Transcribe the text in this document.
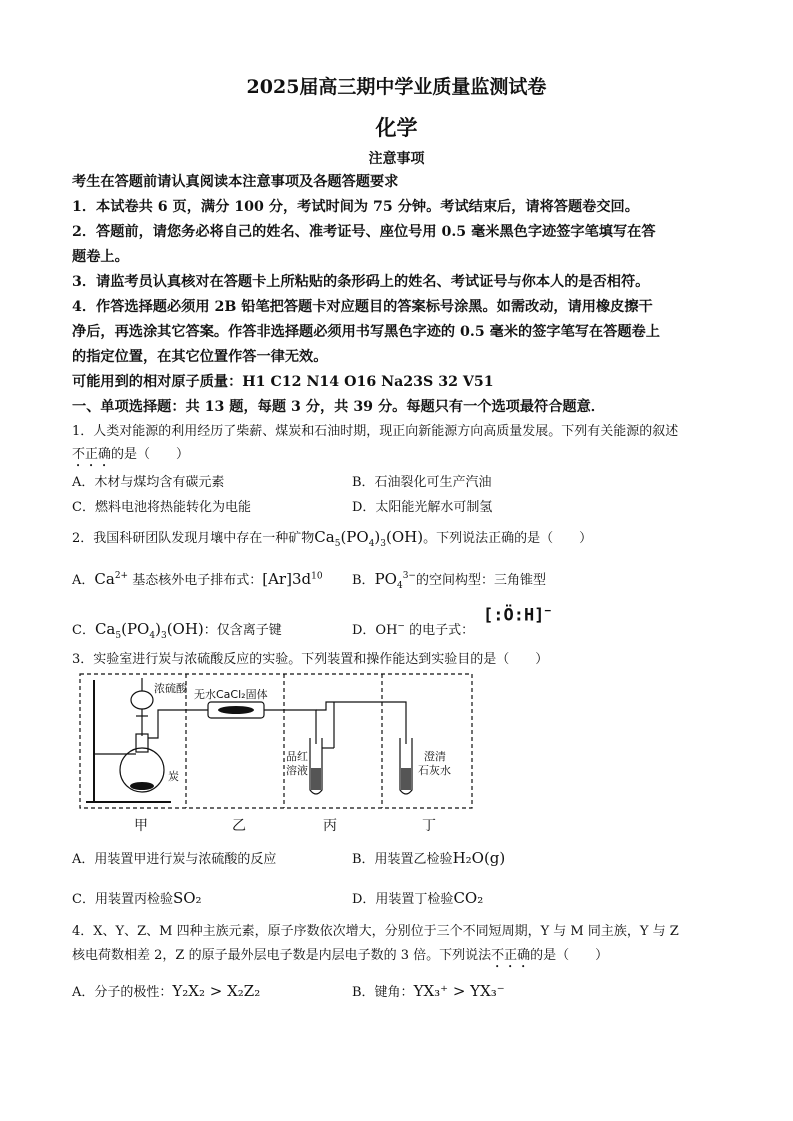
2025届高三期中学业质量监测试卷
化学
注意事项
考生在答题前请认真阅读本注意事项及各题答题要求
1．本试卷共 6 页，满分 100 分，考试时间为 75 分钟。考试结束后，请将答题卷交回。
2．答题前，请您务必将自己的姓名、准考证号、座位号用 0.5 毫米黑色字迹签字笔填写在答
题卷上。
3．请监考员认真核对在答题卡上所粘贴的条形码上的姓名、考试证号与你本人的是否相符。
4．作答选择题必须用 2B 铅笔把答题卡对应题目的答案标号涂黑。如需改动，请用橡皮擦干
净后，再选涂其它答案。作答非选择题必须用书写黑色字迹的 0.5 毫米的签字笔写在答题卷上
的指定位置，在其它位置作答一律无效。
可能用到的相对原子质量：H1 C12 N14 O16 Na23S 32 V51
一、单项选择题：共 13 题，每题 3 分，共 39 分。每题只有一个选项最符合题意．
1．人类对能源的利用经历了柴薪、煤炭和石油时期，现正向新能源方向高质量发展。下列有关能源的叙述
不正确的是（　　）
A．木材与煤均含有碳元素	B．石油裂化可生产汽油
C．燃料电池将热能转化为电能	D．太阳能光解水可制氢
2．我国科研团队发现月壤中存在一种矿物$Ca_5(PO_4)_3(OH)$。下列说法正确的是（　　）
A．$Ca^{2+}$ 基态核外电子排布式：$[Ar]3d^{10}$ B．$PO_4^{3-}$的空间构型：三角锥型
C．$Ca_5(PO_4)_3(OH)$：仅含离子键	D．OH− 的电子式：
[:Ö:H]−
3．实验室进行炭与浓硫酸反应的实验。下列装置和操作能达到实验目的是（　　）
浓硫酸 无水CaCl₂固体
炭
品红
溶液
澄清
石灰水
甲	乙	丙	丁
A．用装置甲进行炭与浓硫酸的反应	B．用装置乙检验H₂O(g)
C．用装置丙检验SO₂	D．用装置丁检验CO₂
4．X、Y、Z、M 四种主族元素，原子序数依次增大，分别位于三个不同短周期，Y 与 M 同主族，Y 与 Z
核电荷数相差 2，Z 的原子最外层电子数是内层电子数的 3 倍。下列说法不正确的是（　　）
A．分子的极性：Y₂X₂ > X₂Z₂	B．键角：YX₃⁺ > YX₃⁻
